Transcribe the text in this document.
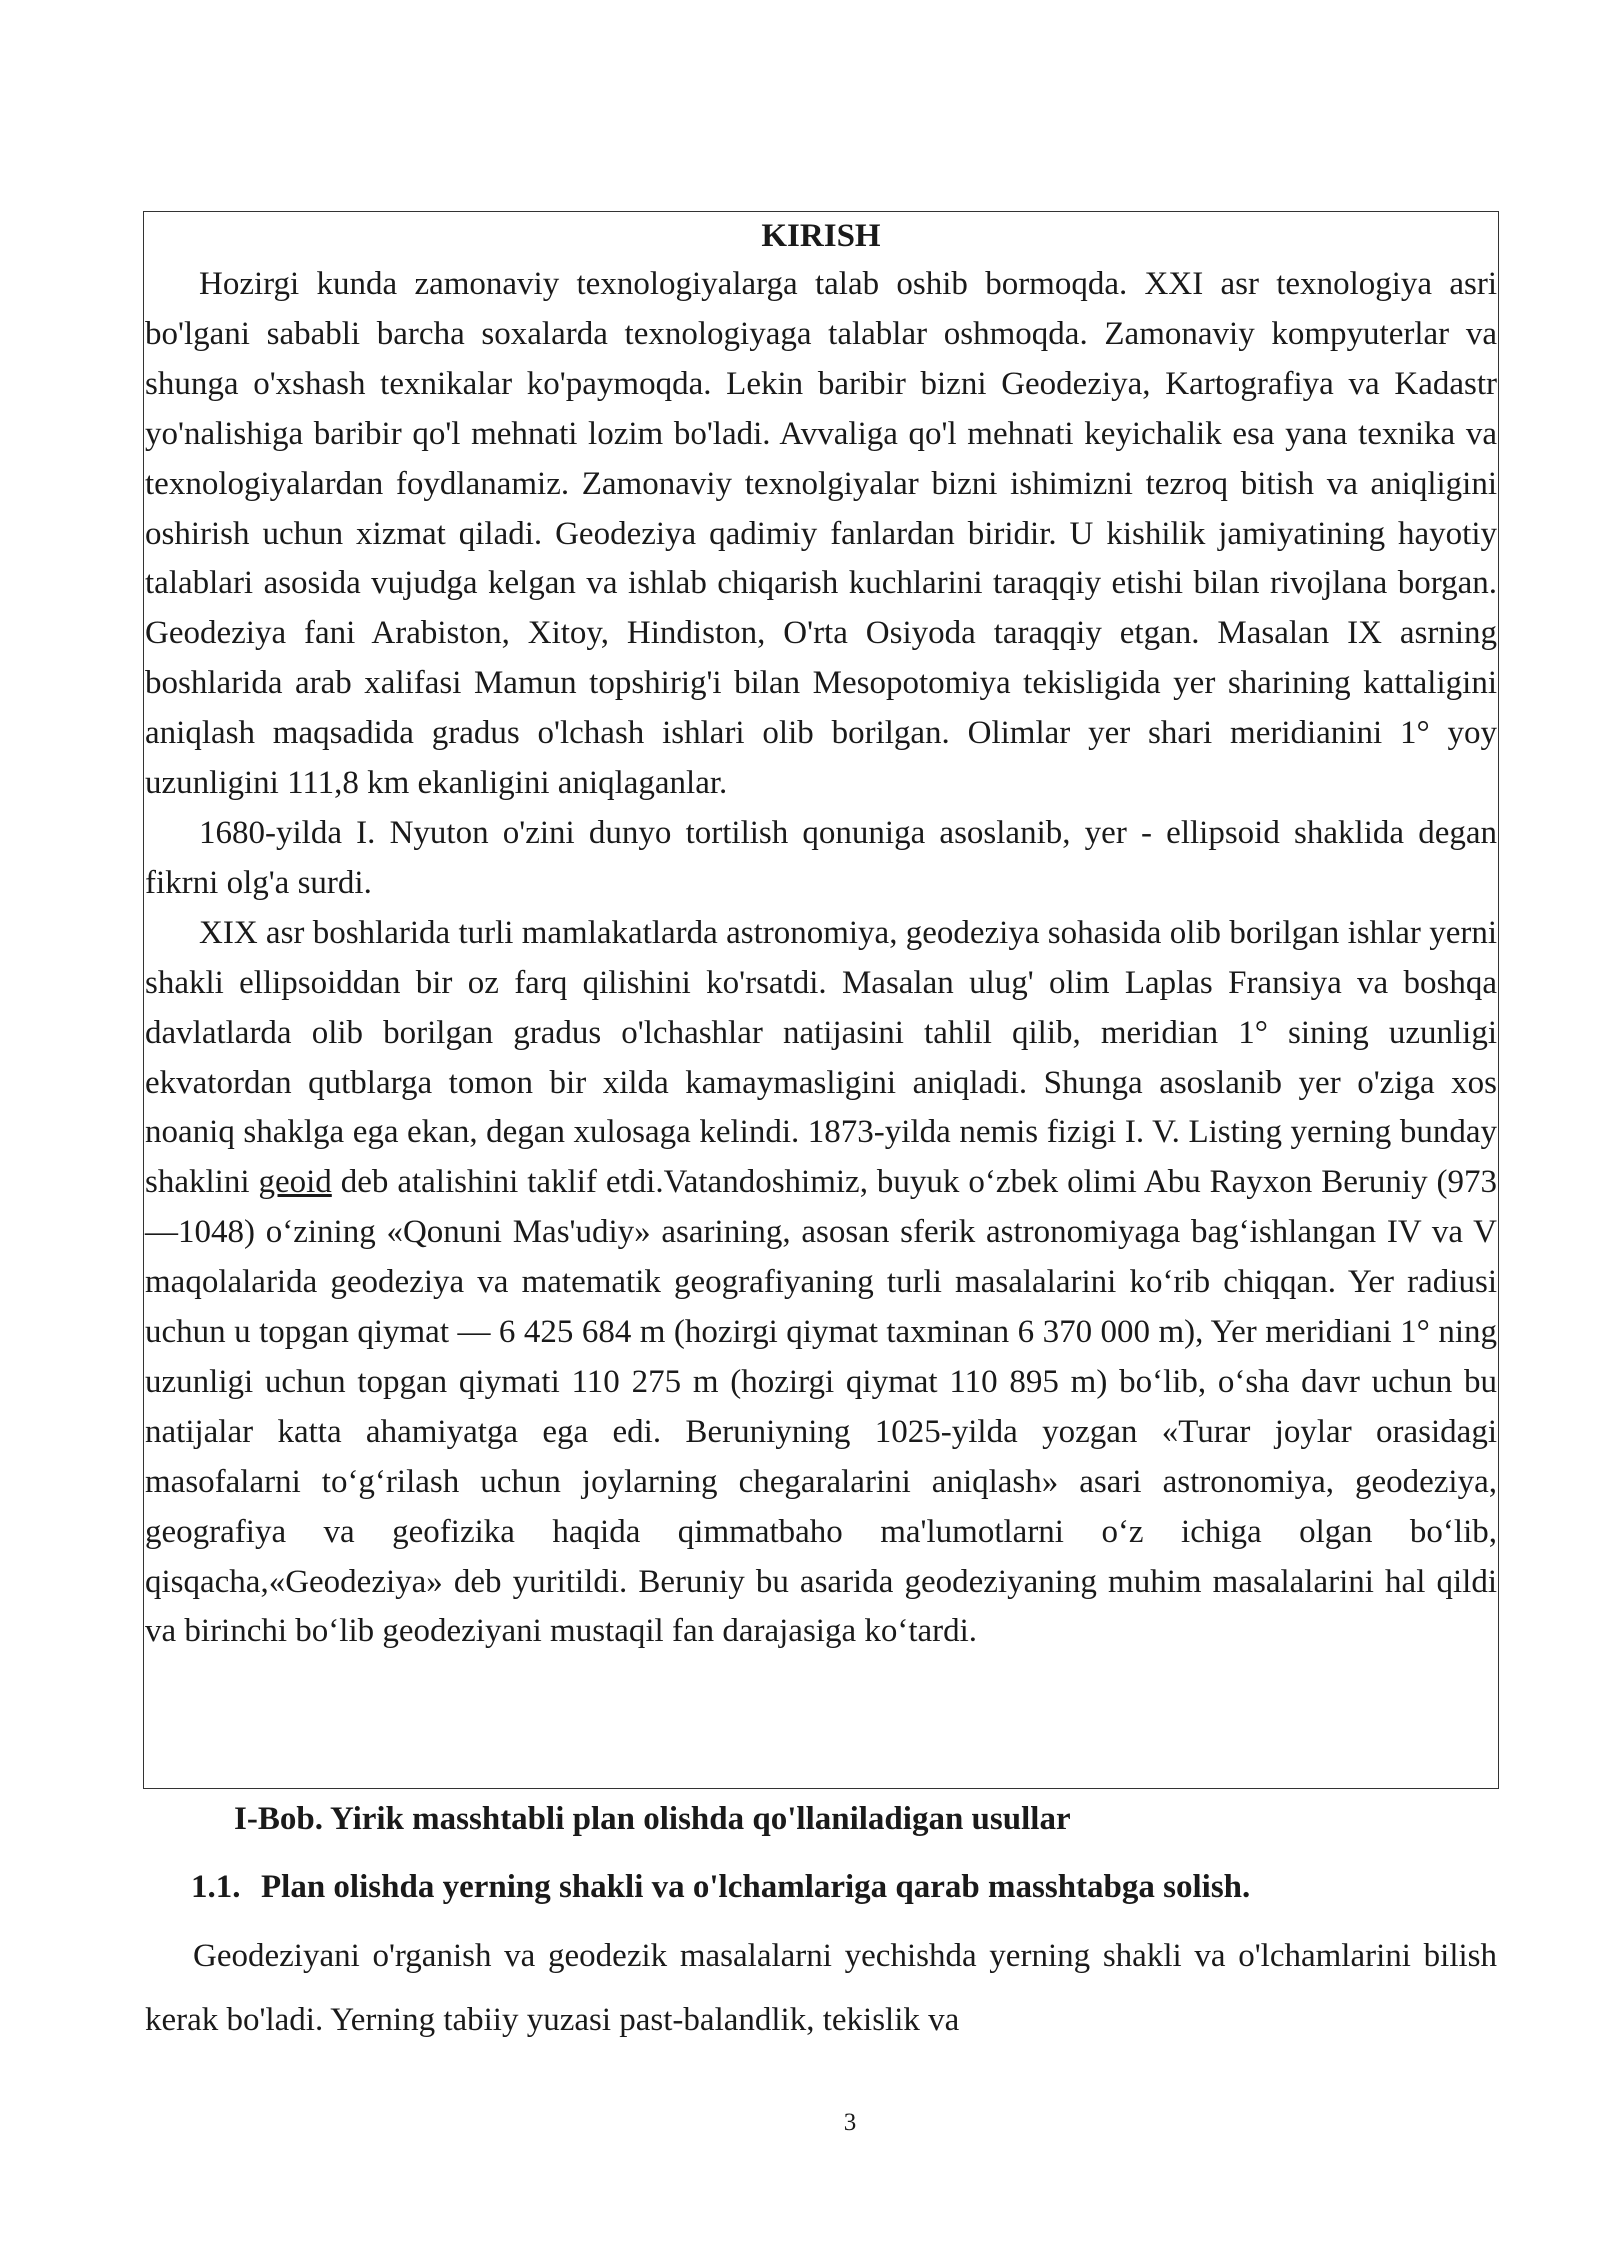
KIRISH

Hozirgi kunda zamonaviy texnologiyalarga talab oshib bormoqda. XXI asr texnologiya asri bo'lgani sababli barcha soxalarda texnologiyaga talablar oshmoqda. Zamonaviy kompyuterlar va shunga o'xshash texnikalar ko'paymoqda. Lekin baribir bizni Geodeziya, Kartografiya va Kadastr yo'nalishiga baribir qo'l mehnati lozim bo'ladi. Avvaliga qo'l mehnati keyichalik esa yana texnika va texnologiyalardan foydlanamiz. Zamonaviy texnolgiyalar bizni ishimizni tezroq bitish va aniqligini oshirish uchun xizmat qiladi. Geodeziya qadimiy fanlardan biridir. U kishilik jamiyatining hayotiy talablari asosida vujudga kelgan va ishlab chiqarish kuchlarini taraqqiy etishi bilan rivojlana borgan. Geodeziya fani Arabiston, Xitoy, Hindiston, O'rta Osiyoda taraqqiy etgan. Masalan IX asrning boshlarida arab xalifasi Mamun topshirig'i bilan Mesopotomiya tekisligida yer sharining kattaligini aniqlash maqsadida gradus o'lchash ishlari olib borilgan. Olimlar yer shari meridianini 1° yoy uzunligini 111,8 km ekanligini aniqlaganlar.

1680-yilda I. Nyuton o'zini dunyo tortilish qonuniga asoslanib, yer - ellipsoid shaklida degan fikrni olg'a surdi.

XIX asr boshlarida turli mamlakatlarda astronomiya, geodeziya sohasida olib borilgan ishlar yerni shakli ellipsoiddan bir oz farq qilishini ko'rsatdi. Masalan ulug' olim Laplas Fransiya va boshqa davlatlarda olib borilgan gradus o'lchashlar natijasini tahlil qilib, meridian 1° sining uzunligi ekvatordan qutblarga tomon bir xilda kamaymasligini aniqladi. Shunga asoslanib yer o'ziga xos noaniq shaklga ega ekan, degan xulosaga kelindi. 1873-yilda nemis fizigi I. V. Listing yerning bunday shaklini geoid deb atalishini taklif etdi.Vatandoshimiz, buyuk o‘zbek olimi Abu Rayxon Beruniy (973—1048) o‘zining «Qonuni Mas'udiy» asarining, asosan sferik astronomiyaga bag‘ishlangan IV va V maqolalarida geodeziya va matematik geografiyaning turli masalalarini ko‘rib chiqqan. Yer radiusi uchun u topgan qiymat — 6 425 684 m (hozirgi qiymat taxminan 6 370 000 m), Yer meridiani 1° ning uzunligi uchun topgan qiymati 110 275 m (hozirgi qiymat 110 895 m) bo‘lib, o‘sha davr uchun bu natijalar katta ahamiyatga ega edi. Beruniyning 1025-yilda yozgan «Turar joylar orasidagi masofalarni to‘g‘rilash uchun joylarning chegaralarini aniqlash» asari astronomiya, geodeziya, geografiya va geofizika haqida qimmatbaho ma'lumotlarni o‘z ichiga olgan bo‘lib, qisqacha,«Geodeziya» deb yuritildi. Beruniy bu asarida geodeziyaning muhim masalalarini hal qildi va birinchi bo‘lib geodeziyani mustaqil fan darajasiga ko‘tardi.

I-Bob. Yirik masshtabli plan olishda qo'llaniladigan usullar
1.1. Plan olishda yerning shakli va o'lchamlariga qarab masshtabga solish.

Geodeziyani o'rganish va geodezik masalalarni yechishda yerning shakli va o'lchamlarini bilish kerak bo'ladi. Yerning tabiiy yuzasi past-balandlik, tekislik va

3
